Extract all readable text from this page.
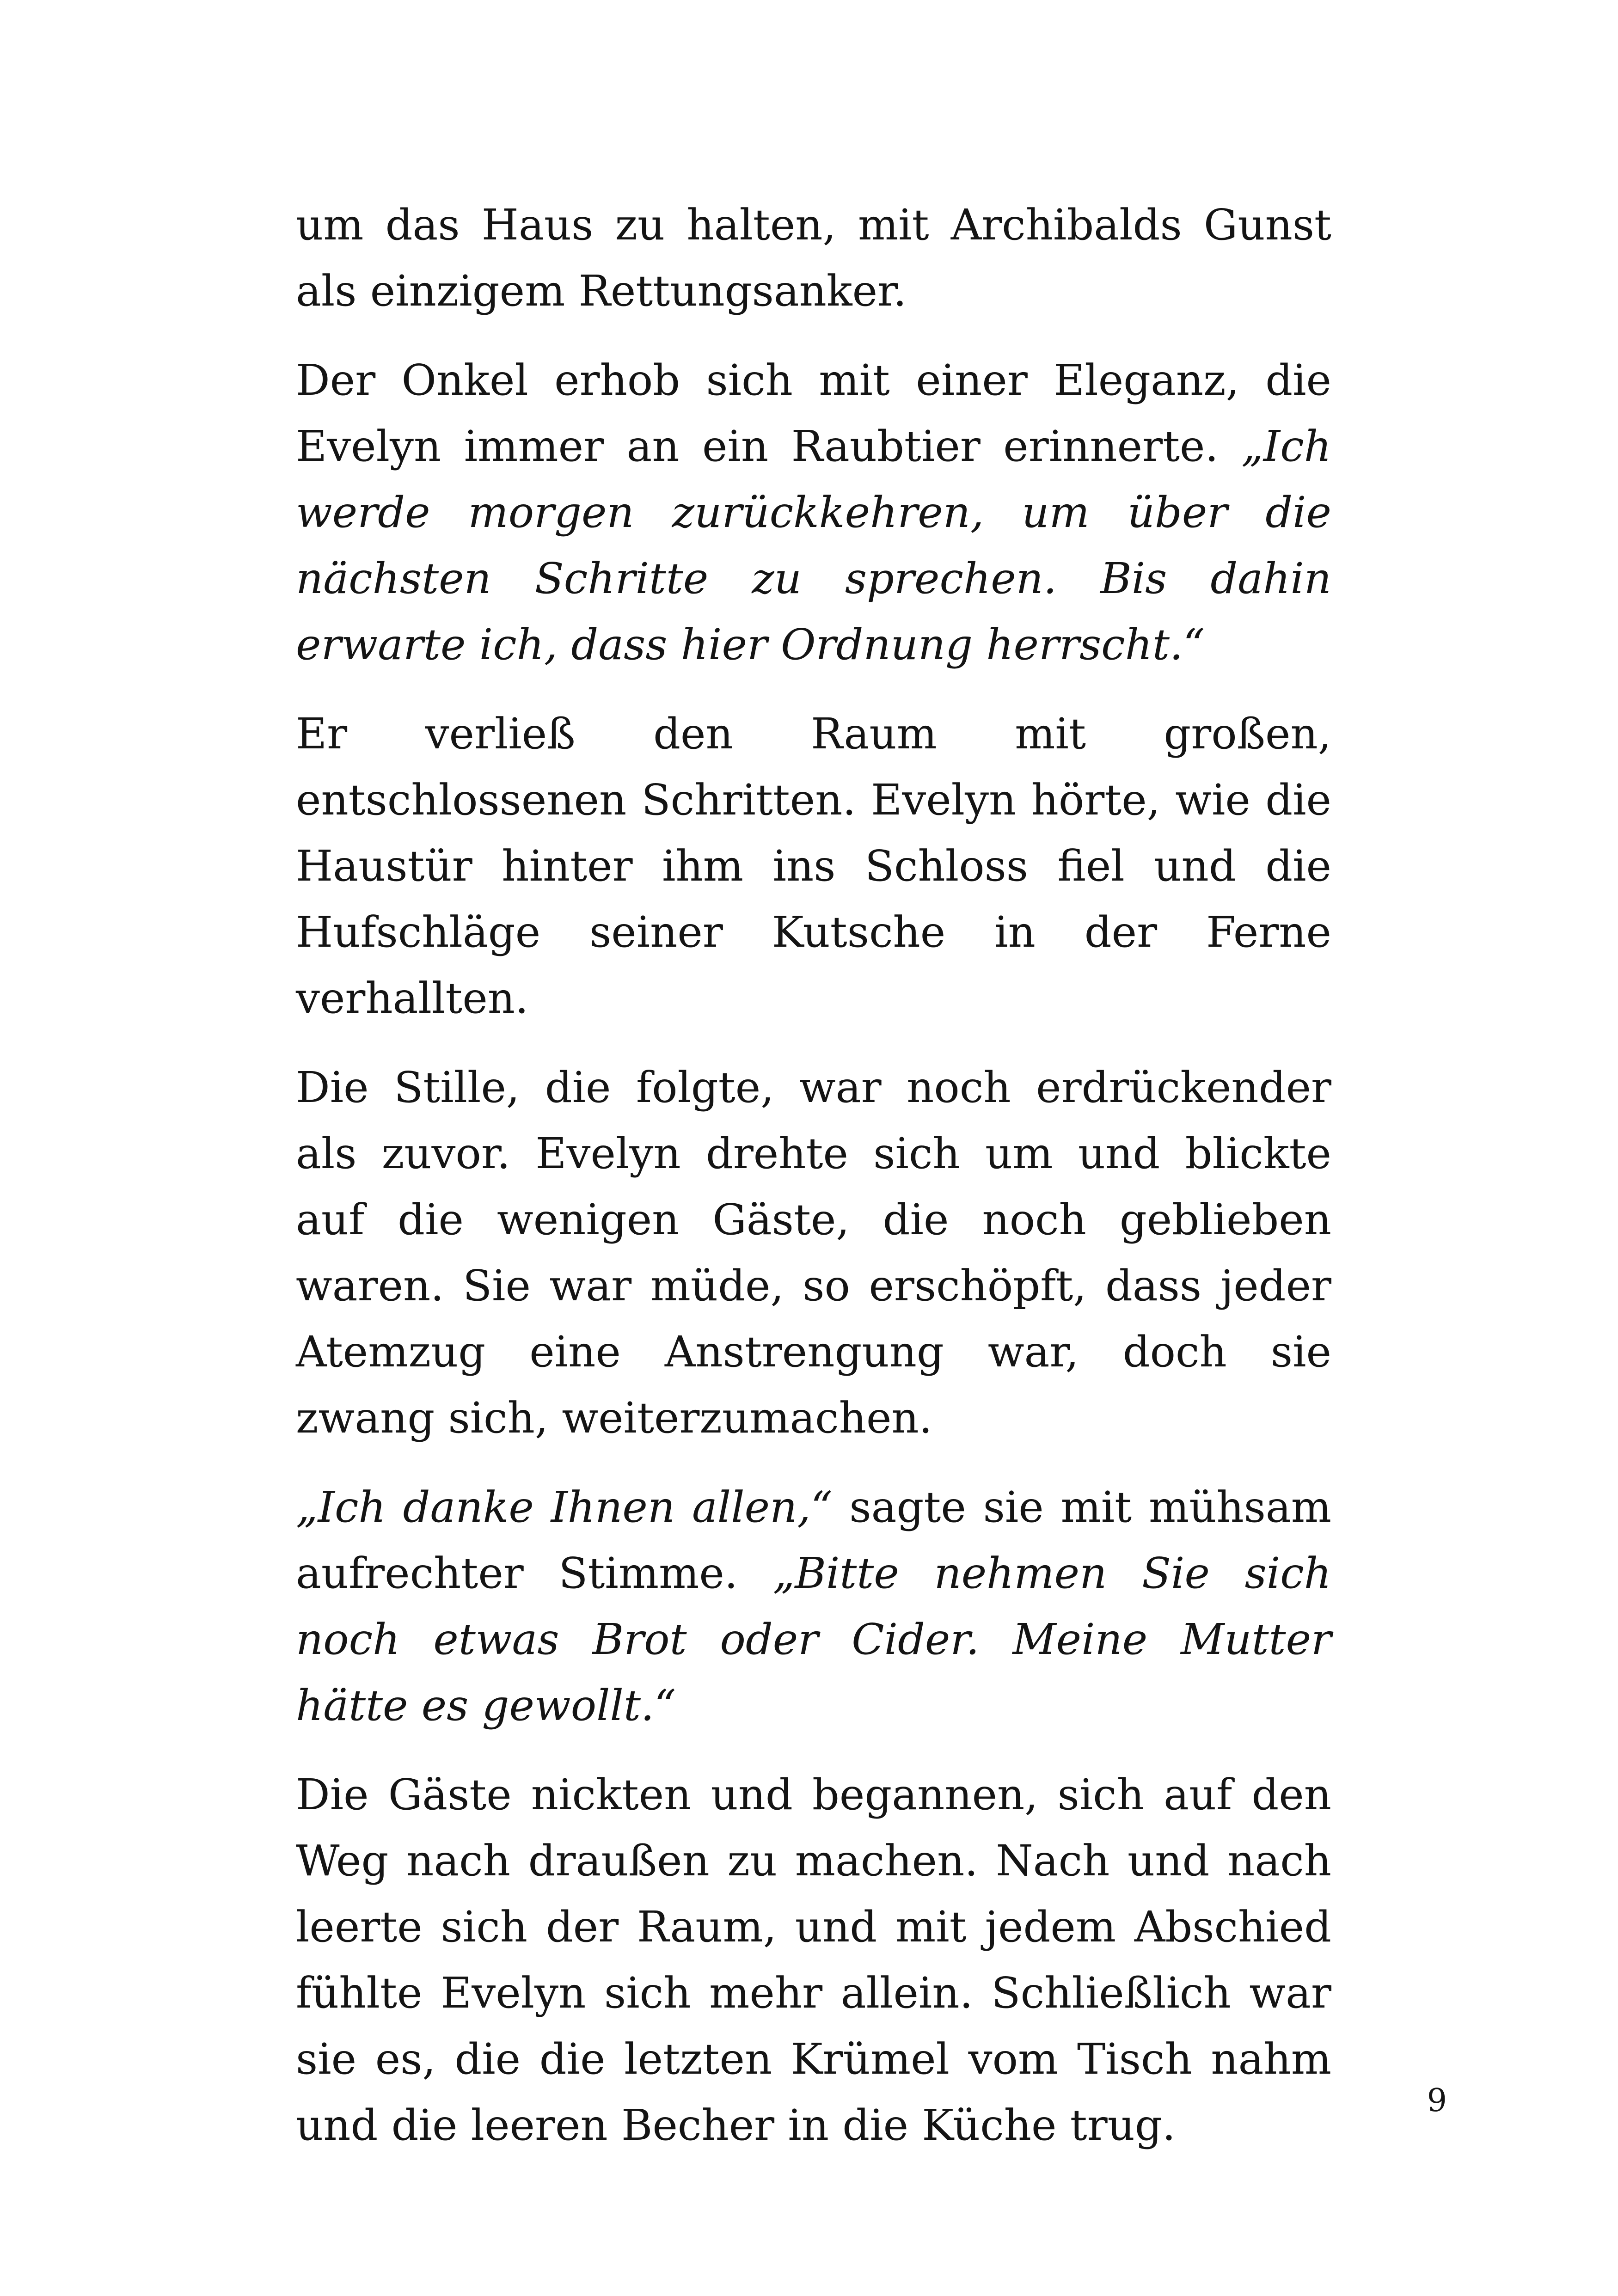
um das Haus zu halten, mit Archibalds Gunst als einzigem Rettungsanker.

Der Onkel erhob sich mit einer Eleganz, die Evelyn immer an ein Raubtier erinnerte. „Ich werde morgen zurückkehren, um über die nächsten Schritte zu sprechen. Bis dahin erwarte ich, dass hier Ordnung herrscht.“

Er verließ den Raum mit großen, entschlossenen Schritten. Evelyn hörte, wie die Haustür hinter ihm ins Schloss fiel und die Hufschläge seiner Kutsche in der Ferne verhallten.

Die Stille, die folgte, war noch erdrückender als zuvor. Evelyn drehte sich um und blickte auf die wenigen Gäste, die noch geblieben waren. Sie war müde, so erschöpft, dass jeder Atemzug eine Anstrengung war, doch sie zwang sich, weiterzumachen.

„Ich danke Ihnen allen,“ sagte sie mit mühsam aufrechter Stimme. „Bitte nehmen Sie sich noch etwas Brot oder Cider. Meine Mutter hätte es gewollt.“

Die Gäste nickten und begannen, sich auf den Weg nach draußen zu machen. Nach und nach leerte sich der Raum, und mit jedem Abschied fühlte Evelyn sich mehr allein. Schließlich war sie es, die die letzten Krümel vom Tisch nahm und die leeren Becher in die Küche trug.	9
